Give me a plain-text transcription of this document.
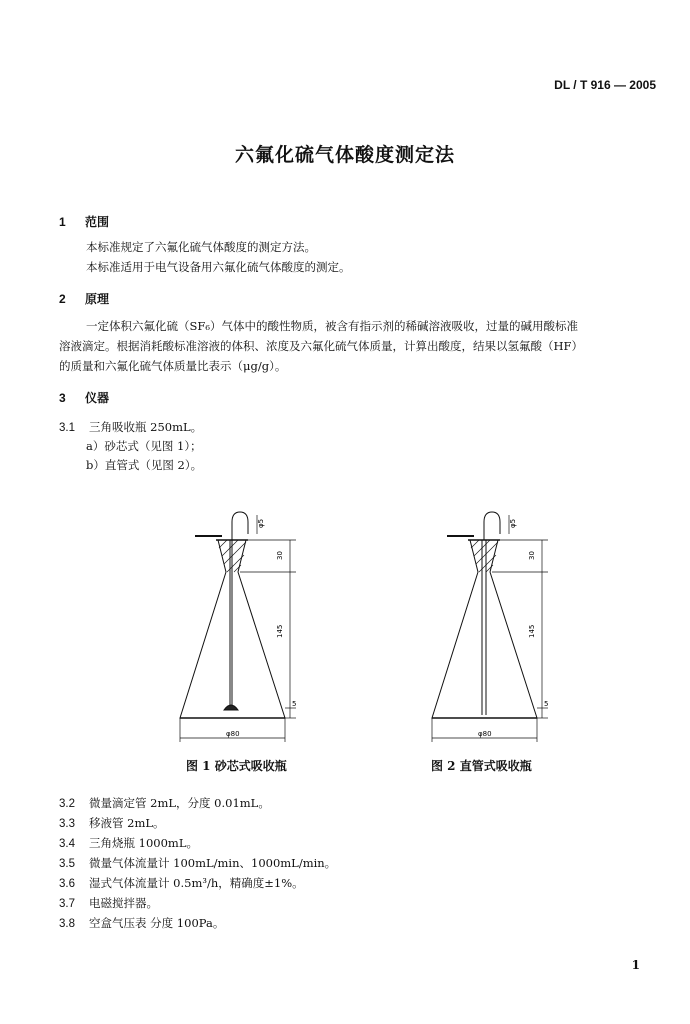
DL / T 916 — 2005
六氟化硫气体酸度测定法
1 范围
本标准规定了六氟化硫气体酸度的测定方法。
本标准适用于电气设备用六氟化硫气体酸度的测定。
2 原理
一定体积六氟化硫（SF₆）气体中的酸性物质，被含有指示剂的稀碱溶液吸收，过量的碱用酸标准
溶液滴定。根据消耗酸标准溶液的体积、浓度及六氟化硫气体质量，计算出酸度，结果以氢氟酸（HF）
的质量和六氟化硫气体质量比表示（μg/g）。
3 仪器
3.1 三角吸收瓶 250mL。
a）砂芯式（见图 1）；
b）直管式（见图 2）。
φ5
30
145
5
φ80
φ5
30
145
5
φ80
图 1 砂芯式吸收瓶	图 2 直管式吸收瓶
3.2 微量滴定管 2mL，分度 0.01mL。
3.3 移液管 2mL。
3.4 三角烧瓶 1000mL。
3.5 微量气体流量计 100mL/min、1000mL/min。
3.6 湿式气体流量计 0.5m³/h，精确度±1%。
3.7 电磁搅拌器。
3.8 空盒气压表 分度 100Pa。
1
